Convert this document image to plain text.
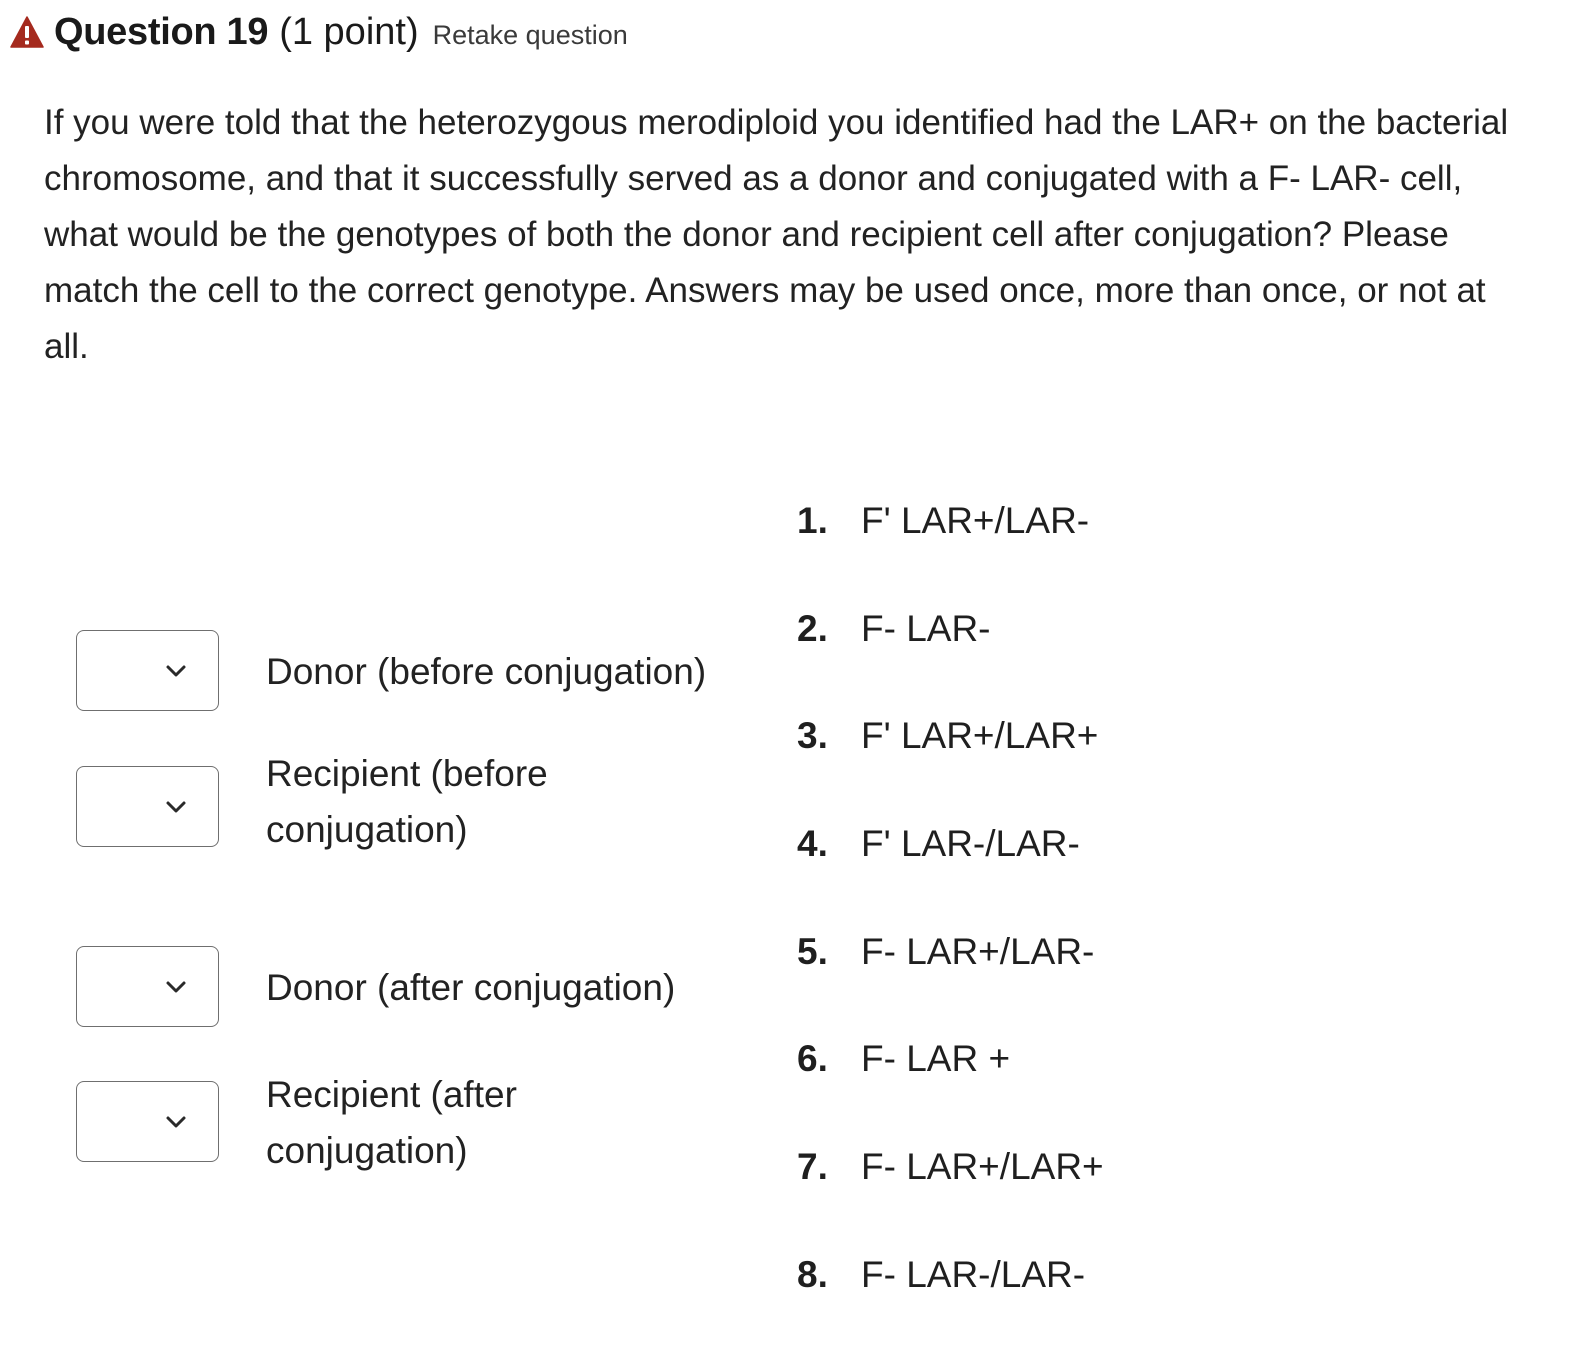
Question 19 (1 point) Retake question
If you were told that the heterozygous merodiploid you identified had the LAR+ on the bacterial chromosome, and that it successfully served as a donor and conjugated with a F- LAR- cell, what would be the genotypes of both the donor and recipient cell after conjugation? Please match the cell to the correct genotype. Answers may be used once, more than once, or not at all.
Donor (before conjugation)
Recipient (before conjugation)
Donor (after conjugation)
Recipient (after conjugation)
1. F' LAR+/LAR-
2. F- LAR-
3. F' LAR+/LAR+
4. F' LAR-/LAR-
5. F- LAR+/LAR-
6. F- LAR +
7. F- LAR+/LAR+
8. F- LAR-/LAR-
